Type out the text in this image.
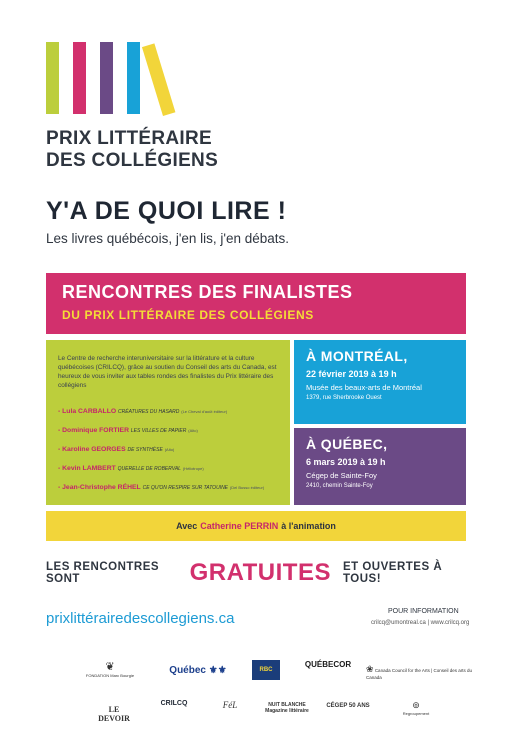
PRIX LITTÉRAIRE
DES COLLÉGIENS
Y'A DE QUOI LIRE !
Les livres québécois, j'en lis, j'en débats.
RENCONTRES DES FINALISTES
DU PRIX LITTÉRAIRE DES COLLÉGIENS
Le Centre de recherche interuniversitaire sur la littérature et la culture québécoises (CRILCQ), grâce au soutien du Conseil des arts du Canada, est heureux de vous inviter aux tables rondes des finalistes du Prix littéraire des collégiens
- Lula CARBALLO CRÉATURES DU HASARD (Le Cheval d'août éditeur)
- Dominique FORTIER LES VILLES DE PAPIER (Alto)
- Karoline GEORGES DE SYNTHÈSE (Alto)
- Kevin LAMBERT QUERELLE DE ROBERVAL (Héliotrope)
- Jean-Christophe RÉHEL CE QU'ON RESPIRE SUR TATOUINE (Del Busso éditeur)
À MONTRÉAL,
22 février 2019 à 19 h
Musée des beaux-arts de Montréal
1379, rue Sherbrooke Ouest
À QUÉBEC,
6 mars 2019 à 19 h
Cégep de Sainte-Foy
2410, chemin Sainte-Foy
Avec Catherine PERRIN à l'animation
LES RENCONTRES SONT	GRATUITES ET OUVERTES À TOUS!
prixlittérairedescollegiens.ca	POUR INFORMATION
crilcq@umontreal.ca | www.crilcq.org
❦
FONDATION Marc Bourgie	Québec ⚜⚜	RBC
QUÉBECOR	❀ Canada Council for the Arts | Conseil des arts du Canada
LE DEVOIR
CRILCQ	FéL	NUIT BLANCHE Magazine littéraire
CÉGEP 50 ANS	⊚
Regroupement
